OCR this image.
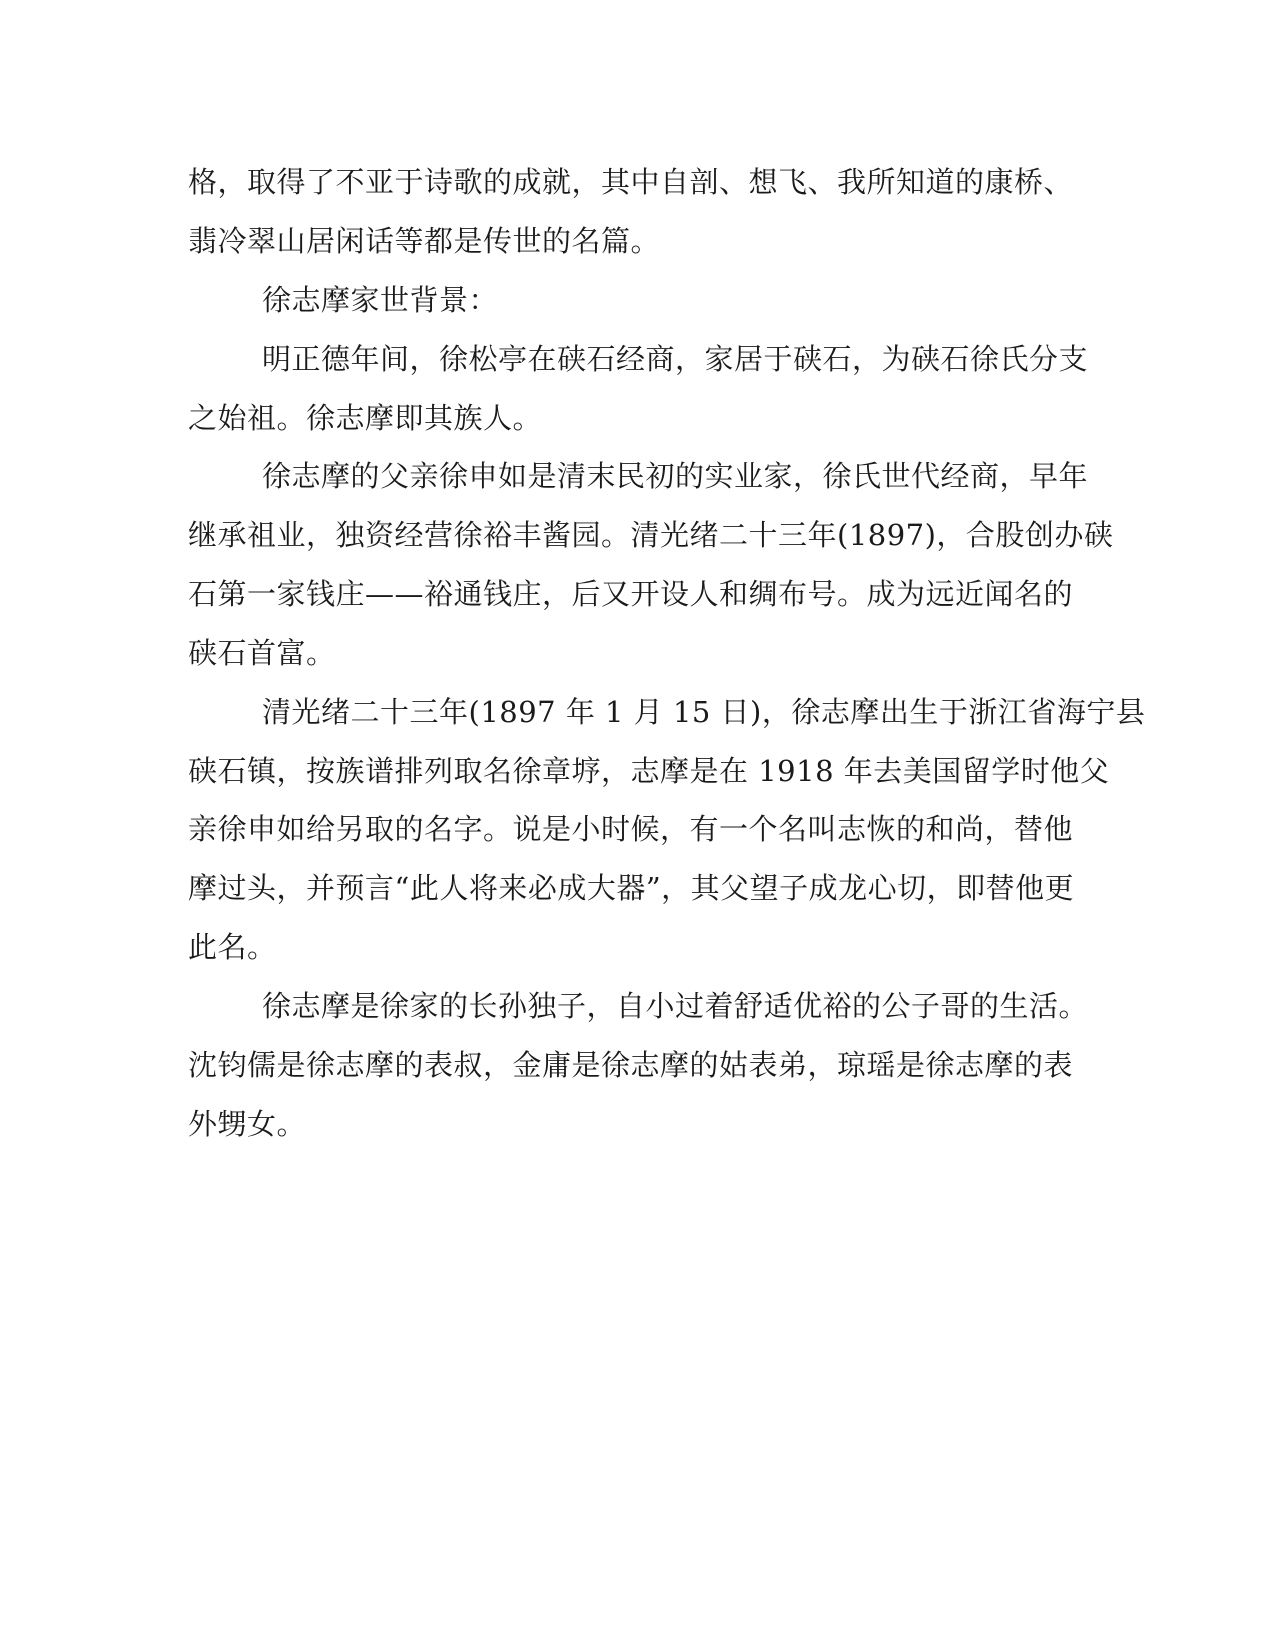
格，取得了不亚于诗歌的成就，其中自剖、想飞、我所知道的康桥、

翡冷翠山居闲话等都是传世的名篇。

徐志摩家世背景：

明正德年间，徐松亭在硖石经商，家居于硖石，为硖石徐氏分支

之始祖。徐志摩即其族人。

徐志摩的父亲徐申如是清末民初的实业家，徐氏世代经商，早年

继承祖业，独资经营徐裕丰酱园。清光绪二十三年(1897)，合股创办硖

石第一家钱庄——裕通钱庄，后又开设人和绸布号。成为远近闻名的

硖石首富。

清光绪二十三年(1897 年 1 月 15 日)，徐志摩出生于浙江省海宁县

硖石镇，按族谱排列取名徐章垿，志摩是在 1918 年去美国留学时他父

亲徐申如给另取的名字。说是小时候，有一个名叫志恢的和尚，替他

摩过头，并预言“此人将来必成大器”，其父望子成龙心切，即替他更

此名。

徐志摩是徐家的长孙独子，自小过着舒适优裕的公子哥的生活。

沈钧儒是徐志摩的表叔，金庸是徐志摩的姑表弟，琼瑶是徐志摩的表

外甥女。
